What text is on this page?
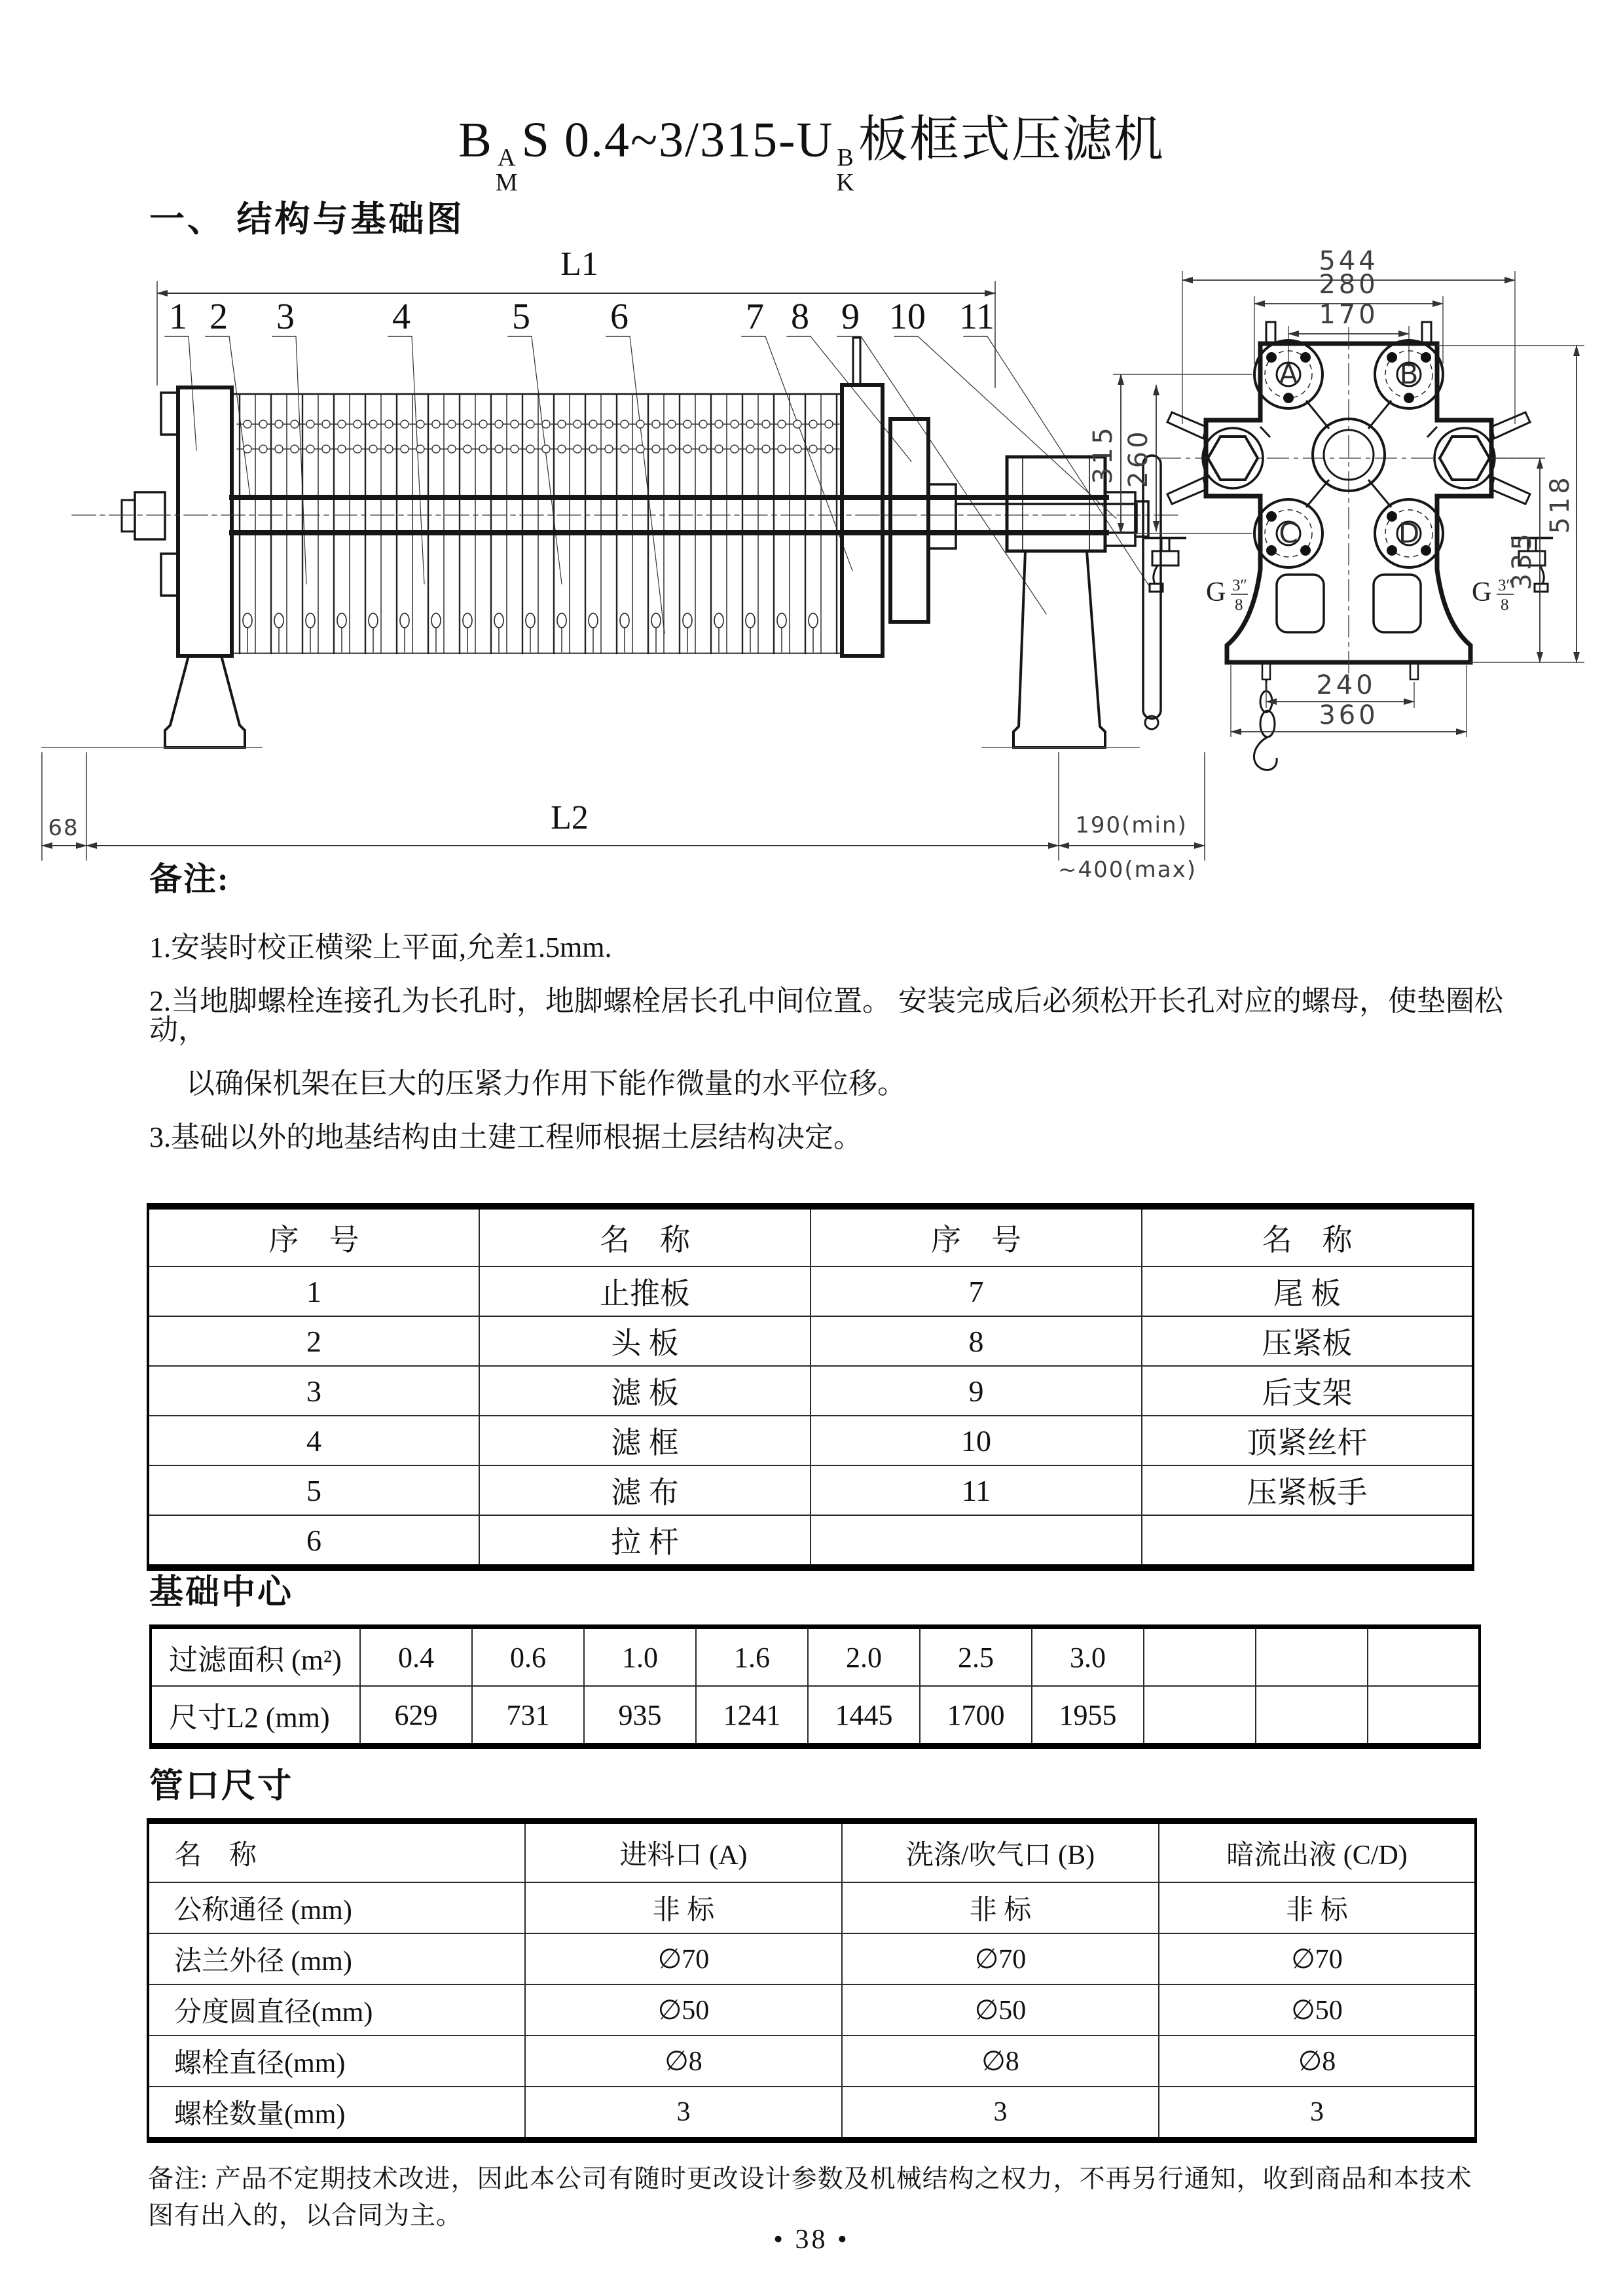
B A
M
S 0.4~3/315-U B
K
板框式压滤机
一、 结构与基础图
L1
1 2 3	4	5 6	7 8 9 10 11
68	L2	190(min)
~400(max)
544
280
170
A	B
C	D
G 3″
8	G 3″
8
315 260
518
335
240
360
备注:
1.安装时校正横梁上平面,允差1.5mm.
2.当地脚螺栓连接孔为长孔时，地脚螺栓居长孔中间位置。 安装完成后必须松开长孔对应的螺母，使垫圈松动，
以确保机架在巨大的压紧力作用下能作微量的水平位移。
3.基础以外的地基结构由土建工程师根据土层结构决定。
序　号	名　称	序　号	名　称
1	止推板	7	尾 板
2	头 板	8	压紧板
3	滤 板	9	后支架
4	滤 框	10	顶紧丝杆
5	滤 布	11	压紧板手
6	拉 杆		
基础中心
过滤面积 (m²)	0.4	0.6	1.0	1.6	2.0	2.5	3.0			
尺寸L2 (mm)	629	731	935	1241	1445	1700	1955			
管口尺寸
名　称	进料口 (A)	洗涤/吹气口 (B)	暗流出液 (C/D)
公称通径 (mm)	非 标	非 标	非 标
法兰外径 (mm)	∅70	∅70	∅70
分度圆直径(mm)	∅50	∅50	∅50
螺栓直径(mm)	∅8	∅8	∅8
螺栓数量(mm)	3	3	3
备注: 产品不定期技术改进，因此本公司有随时更改设计参数及机械结构之权力，不再另行通知，收到商品和本技术图有出入的，以合同为主。
• 38 •
